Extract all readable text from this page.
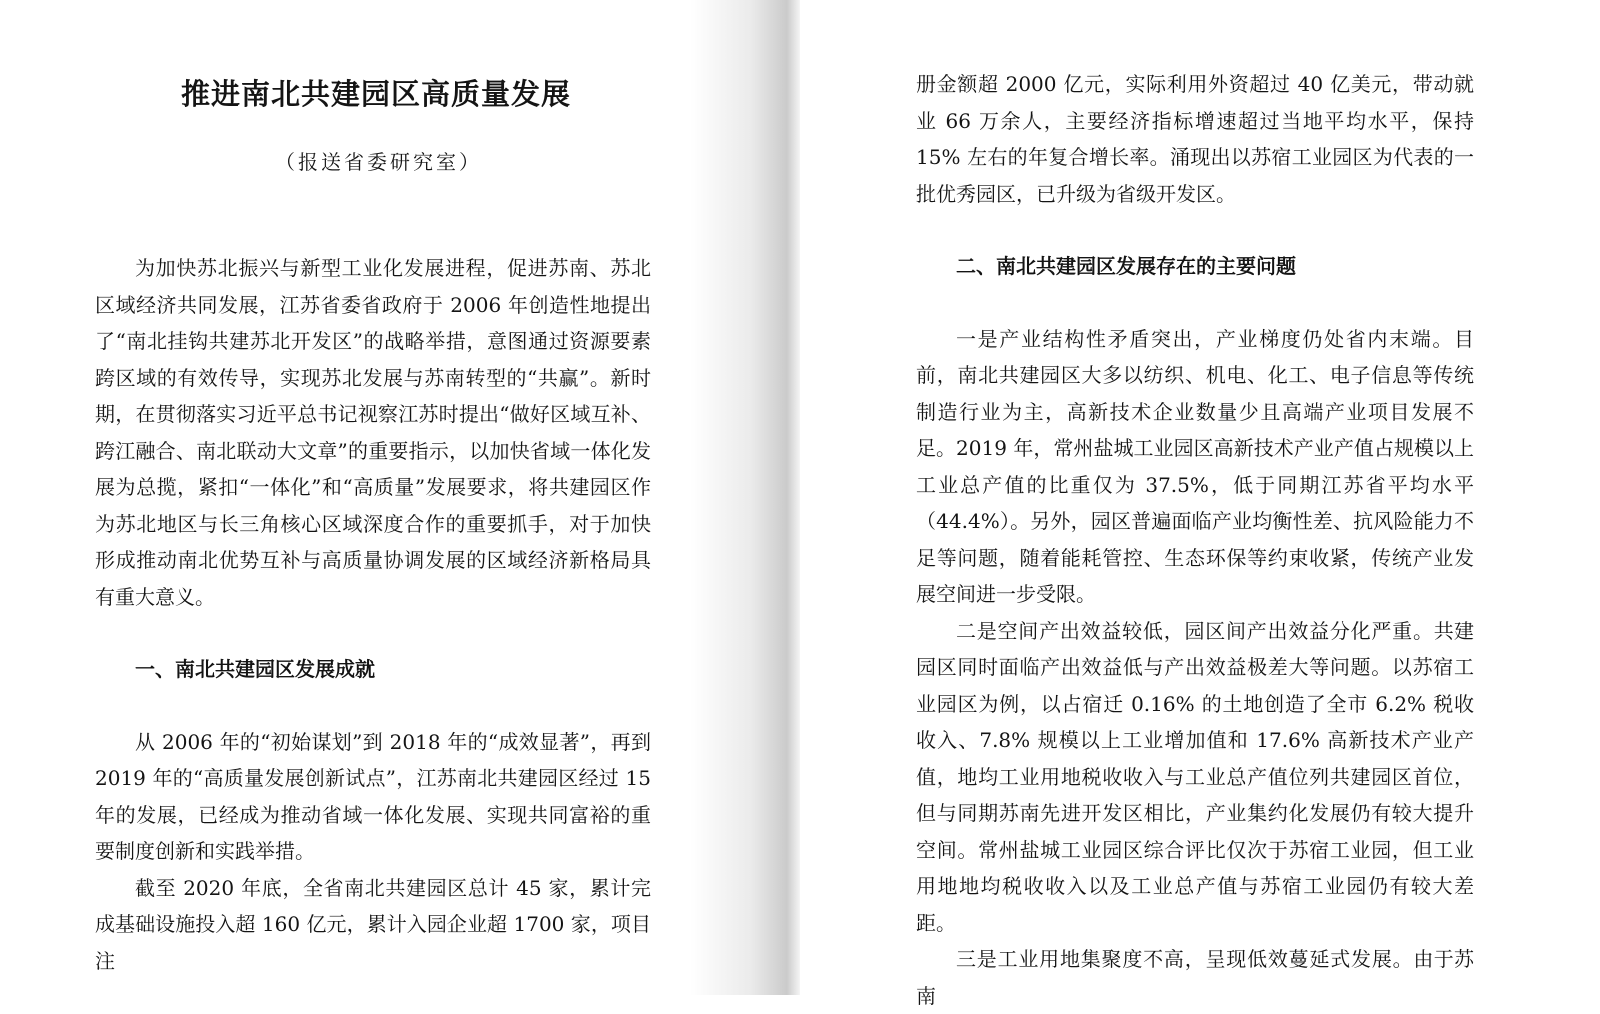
推进南北共建园区高质量发展
（报送省委研究室）

为加快苏北振兴与新型工业化发展进程，促进苏南、苏北区域经济共同发展，江苏省委省政府于 2006 年创造性地提出了“南北挂钩共建苏北开发区”的战略举措，意图通过资源要素跨区域的有效传导，实现苏北发展与苏南转型的“共赢”。新时期，在贯彻落实习近平总书记视察江苏时提出“做好区域互补、跨江融合、南北联动大文章”的重要指示，以加快省域一体化发展为总揽，紧扣“一体化”和“高质量”发展要求，将共建园区作为苏北地区与长三角核心区域深度合作的重要抓手，对于加快形成推动南北优势互补与高质量协调发展的区域经济新格局具有重大意义。

一、南北共建园区发展成就

从 2006 年的“初始谋划”到 2018 年的“成效显著”，再到 2019 年的“高质量发展创新试点”，江苏南北共建园区经过 15 年的发展，已经成为推动省域一体化发展、实现共同富裕的重要制度创新和实践举措。

截至 2020 年底，全省南北共建园区总计 45 家，累计完成基础设施投入超 160 亿元，累计入园企业超 1700 家，项目注

册金额超 2000 亿元，实际利用外资超过 40 亿美元，带动就业 66 万余人，主要经济指标增速超过当地平均水平，保持 15% 左右的年复合增长率。涌现出以苏宿工业园区为代表的一批优秀园区，已升级为省级开发区。

二、南北共建园区发展存在的主要问题

一是产业结构性矛盾突出，产业梯度仍处省内末端。目前，南北共建园区大多以纺织、机电、化工、电子信息等传统制造行业为主，高新技术企业数量少且高端产业项目发展不足。2019 年，常州盐城工业园区高新技术产业产值占规模以上工业总产值的比重仅为 37.5%，低于同期江苏省平均水平（44.4%）。另外，园区普遍面临产业均衡性差、抗风险能力不足等问题，随着能耗管控、生态环保等约束收紧，传统产业发展空间进一步受限。

二是空间产出效益较低，园区间产出效益分化严重。共建园区同时面临产出效益低与产出效益极差大等问题。以苏宿工业园区为例，以占宿迁 0.16% 的土地创造了全市 6.2% 税收收入、7.8% 规模以上工业增加值和 17.6% 高新技术产业产值，地均工业用地税收收入与工业总产值位列共建园区首位，但与同期苏南先进开发区相比，产业集约化发展仍有较大提升空间。常州盐城工业园区综合评比仅次于苏宿工业园，但工业用地地均税收收入以及工业总产值与苏宿工业园仍有较大差距。

三是工业用地集聚度不高，呈现低效蔓延式发展。由于苏南
